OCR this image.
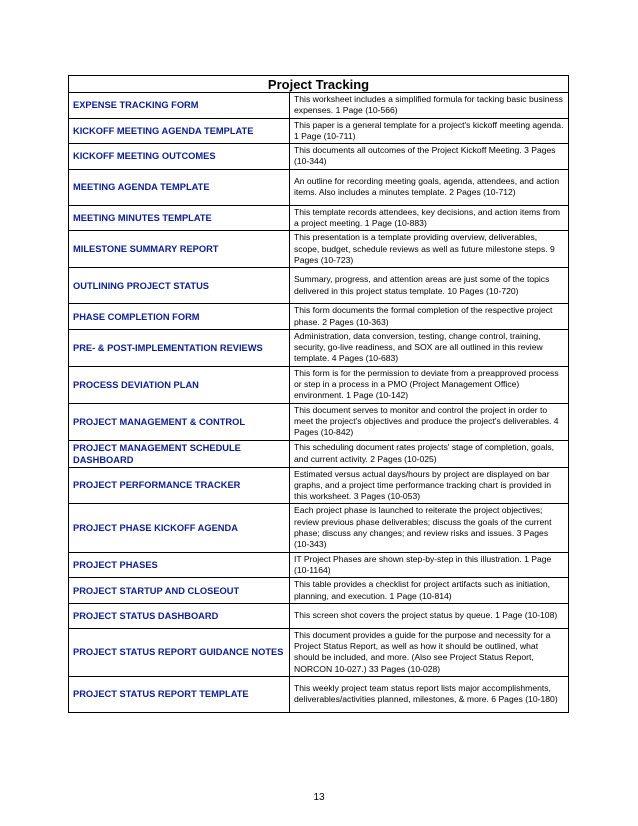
Project Tracking	
EXPENSE TRACKING FORM	This worksheet includes a simplified formula for tacking basic business expenses. 1 Page (10-566)
KICKOFF MEETING AGENDA TEMPLATE	This paper is a general template for a project's kickoff meeting agenda. 1 Page (10-711)
KICKOFF MEETING OUTCOMES	This documents all outcomes of the Project Kickoff Meeting. 3 Pages (10-344)
MEETING AGENDA TEMPLATE	An outline for recording meeting goals, agenda, attendees, and action items. Also includes a minutes template. 2 Pages (10-712)
MEETING MINUTES TEMPLATE	This template records attendees, key decisions, and action items from a project meeting. 1 Page (10-883)
MILESTONE SUMMARY REPORT	This presentation is a template providing overview, deliverables, scope, budget, schedule reviews as well as future milestone steps. 9 Pages (10-723)
OUTLINING PROJECT STATUS	Summary, progress, and attention areas are just some of the topics delivered in this project status template. 10 Pages (10-720)
PHASE COMPLETION FORM	This form documents the formal completion of the respective project phase. 2 Pages (10-363)
PRE- & POST-IMPLEMENTATION REVIEWS	Administration, data conversion, testing, change control, training, security, go-live readiness, and SOX are all outlined in this review template. 4 Pages (10-683)
PROCESS DEVIATION PLAN	This form is for the permission to deviate from a preapproved process or step in a process in a PMO (Project Management Office) environment. 1 Page (10-142)
PROJECT MANAGEMENT & CONTROL	This document serves to monitor and control the project in order to meet the project's objectives and produce the project's deliverables. 4 Pages (10-842)
PROJECT MANAGEMENT SCHEDULE DASHBOARD	This scheduling document rates projects' stage of completion, goals, and current activity. 2 Pages (10-025)
PROJECT PERFORMANCE TRACKER	Estimated versus actual days/hours by project are displayed on bar graphs, and a project time performance tracking chart is provided in this worksheet. 3 Pages (10-053)
PROJECT PHASE KICKOFF AGENDA	Each project phase is launched to reiterate the project objectives; review previous phase deliverables; discuss the goals of the current phase; discuss any changes; and review risks and issues. 3 Pages (10-343)
PROJECT PHASES	IT Project Phases are shown step-by-step in this illustration. 1 Page (10-1164)
PROJECT STARTUP AND CLOSEOUT	This table provides a checklist for project artifacts such as initiation, planning, and execution. 1 Page (10-814)
PROJECT STATUS DASHBOARD	This screen shot covers the project status by queue. 1 Page (10-108)
PROJECT STATUS REPORT GUIDANCE NOTES	This document provides a guide for the purpose and necessity for a Project Status Report, as well as how it should be outlined, what should be included, and more. (Also see Project Status Report, NORCON 10-027.) 33 Pages (10-028)
PROJECT STATUS REPORT TEMPLATE	This weekly project team status report lists major accomplishments, deliverables/activities planned, milestones, & more. 6 Pages (10-180)
13
